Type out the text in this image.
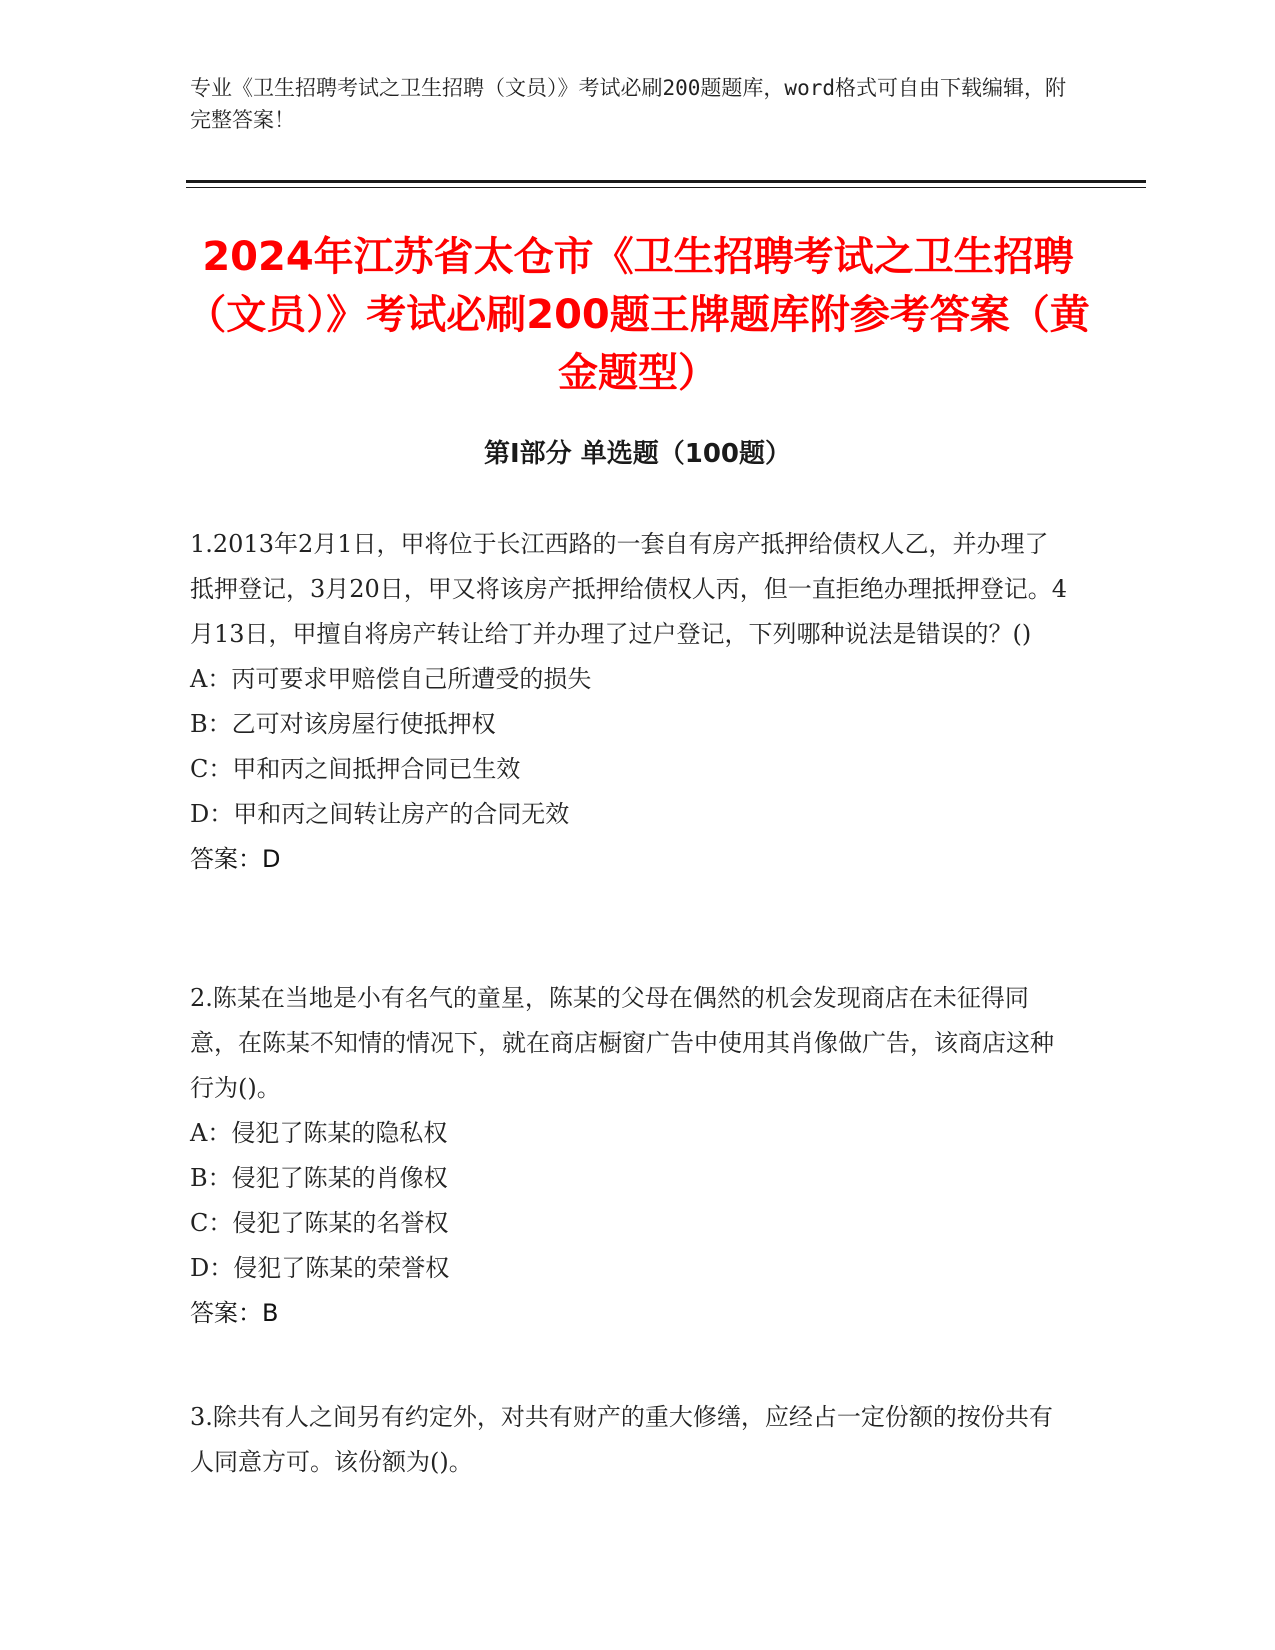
专业《卫生招聘考试之卫生招聘（文员）》考试必刷200题题库，word格式可自由下载编辑，附完整答案！
2024年江苏省太仓市《卫生招聘考试之卫生招聘（文员）》考试必刷200题王牌题库附参考答案（黄金题型）
第Ⅰ部分 单选题（100题）
1.2013年2月1日，甲将位于长江西路的一套自有房产抵押给债权人乙，并办理了抵押登记，3月20日，甲又将该房产抵押给债权人丙，但一直拒绝办理抵押登记。4月13日，甲擅自将房产转让给丁并办理了过户登记，下列哪种说法是错误的？()
A：丙可要求甲赔偿自己所遭受的损失
B：乙可对该房屋行使抵押权
C：甲和丙之间抵押合同已生效
D：甲和丙之间转让房产的合同无效
答案：D
2.陈某在当地是小有名气的童星，陈某的父母在偶然的机会发现商店在未征得同意，在陈某不知情的情况下，就在商店橱窗广告中使用其肖像做广告，该商店这种行为()。
A：侵犯了陈某的隐私权
B：侵犯了陈某的肖像权
C：侵犯了陈某的名誉权
D：侵犯了陈某的荣誉权
答案：B
3.除共有人之间另有约定外，对共有财产的重大修缮，应经占一定份额的按份共有人同意方可。该份额为()。
